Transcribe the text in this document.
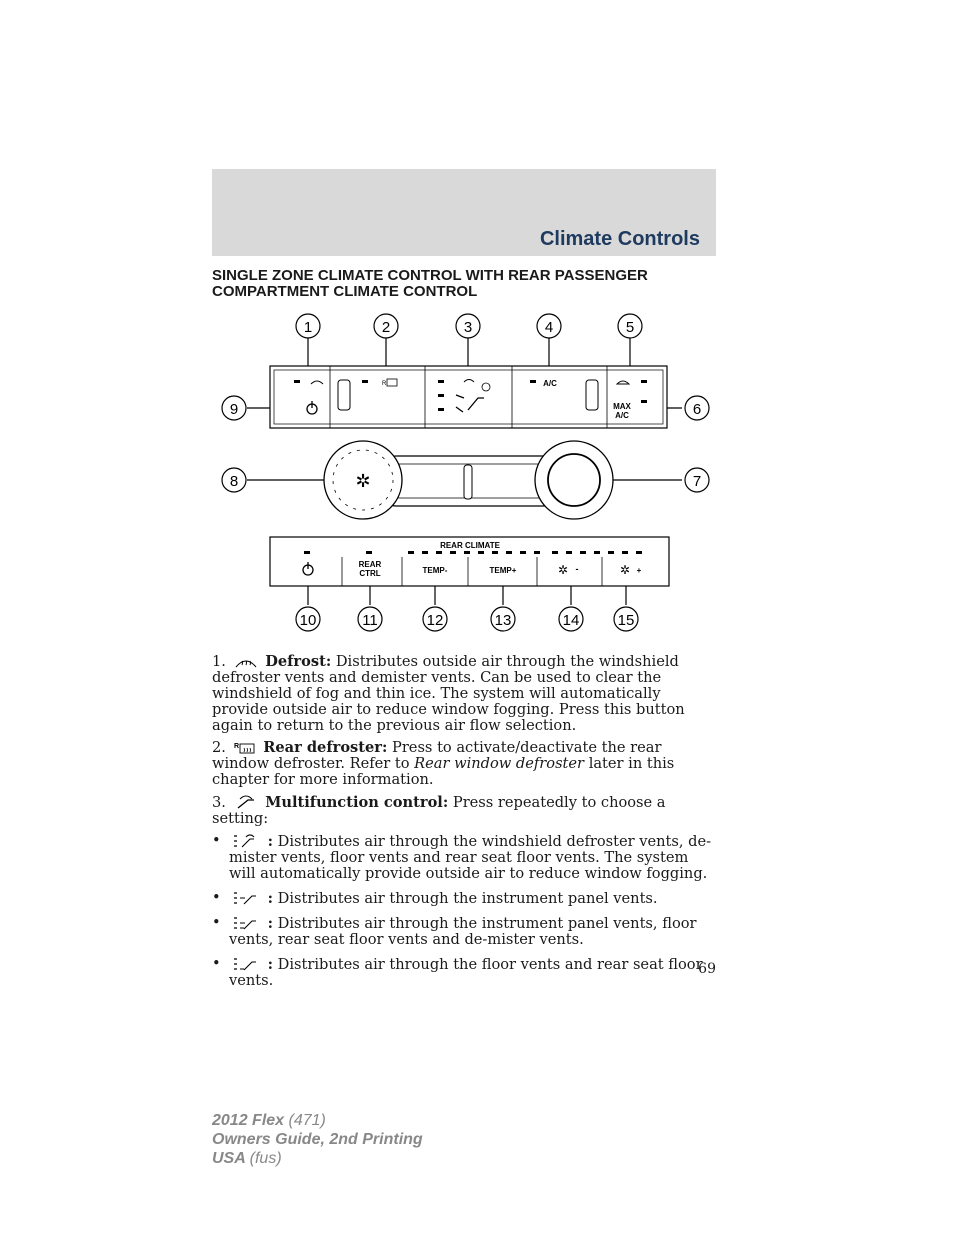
Climate Controls
SINGLE ZONE CLIMATE CONTROL WITH REAR PASSENGER COMPARTMENT CLIMATE CONTROL
R	A/C
MAX
A/C
✲
REAR CLIMATE
REAR
CTRL	TEMP-	TEMP+	✲ -	✲ +
1	2	3	4	5
6
7
8
9
10	11	12	13	14	15

1.	Defrost: Distributes outside air through the windshield defroster vents and demister vents. Can be used to clear the windshield of fog and thin ice. The system will automatically provide outside air to reduce window fogging. Press this button again to return to the previous air flow selection.

2. R Rear defroster: Press to activate/deactivate the rear window defroster. Refer to Rear window defroster later in this chapter for more information.

3.	Multifunction control: Press repeatedly to choose a setting:

•	: Distributes air through the windshield defroster vents, de-mister vents, floor vents and rear seat floor vents. The system will automatically provide outside air to reduce window fogging.
•	: Distributes air through the instrument panel vents.
•	: Distributes air through the instrument panel vents, floor vents, rear seat floor vents and de-mister vents.
•	: Distributes air through the floor vents and rear seat floor vents.
69
2012 Flex (471)
Owners Guide, 2nd Printing
USA (fus)
